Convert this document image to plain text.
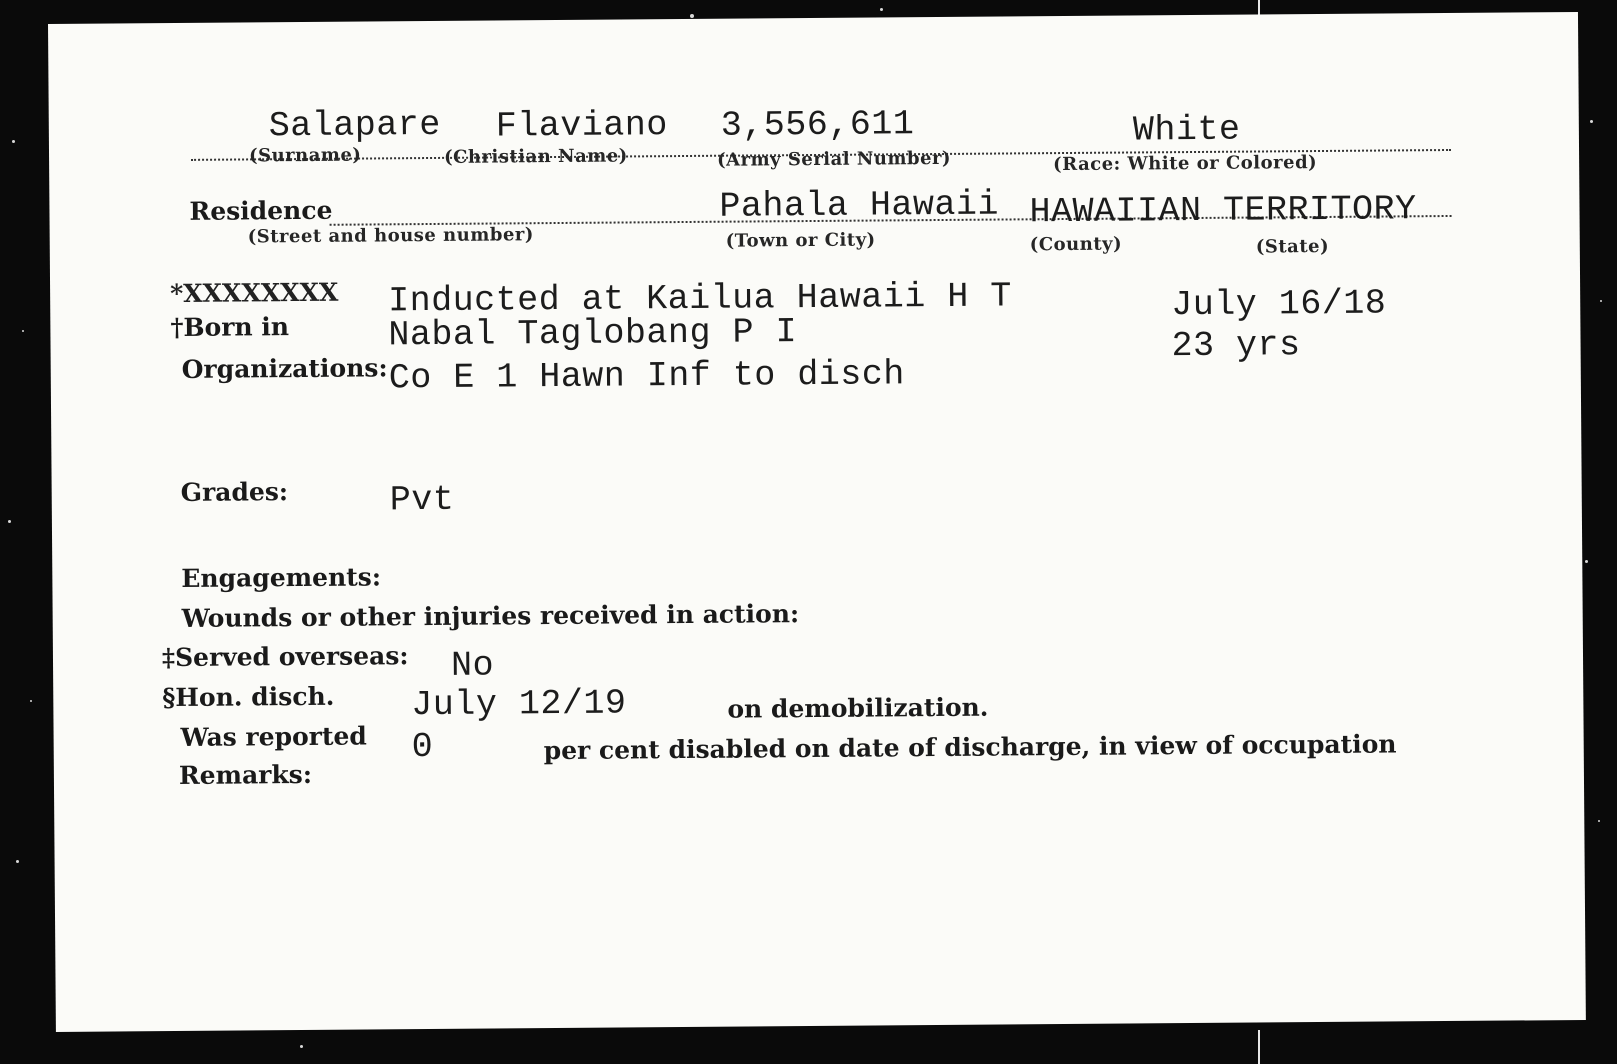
Salapare Flaviano 3,556,611	White
(Surname)	(Christian Name)	(Army Serial Number)	(Race: White or Colored)
Residence	Pahala Hawaii HAWAIIAN TERRITORY
(Street and house number)	(Town or City)	(County)	(State)
*XXXXXXXX Inducted at Kailua Hawaii H T	July 16/18
†Born in	Nabal Taglobang P I	23 yrs
Organizations: Co E 1 Hawn Inf to disch
Grades:	Pvt
Engagements:
Wounds or other injuries received in action:
‡Served overseas: No
§Hon. disch. July 12/19	on demobilization.
Was reported 0	per cent disabled on date of discharge, in view of occupation
Remarks:
